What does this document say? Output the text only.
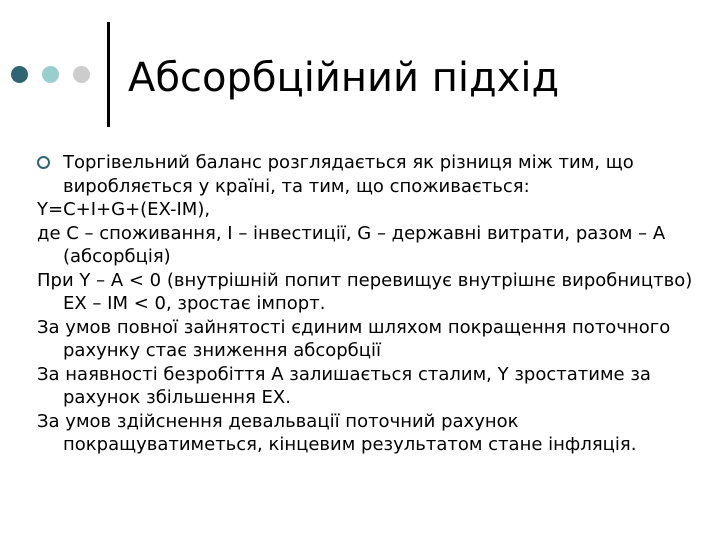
Абсорбційний підхід

Торгівельний баланс розглядається як різниця між тим, що виробляється у країні, та тим, що споживається:

Y=C+I+G+(EX-IM),

де C – споживання, I – інвестиції, G – державні витрати, разом – A (абсорбція)

При Y – A < 0 (внутрішній попит перевищує внутрішнє виробництво) EX – IM < 0, зростає імпорт.

За умов повної зайнятості єдиним шляхом покращення поточного рахунку стає зниження абсорбції

За наявності безробіття А залишається сталим, Y зростатиме за рахунок збільшення EX.

За умов здійснення девальвації поточний рахунок покращуватиметься, кінцевим результатом стане інфляція.
